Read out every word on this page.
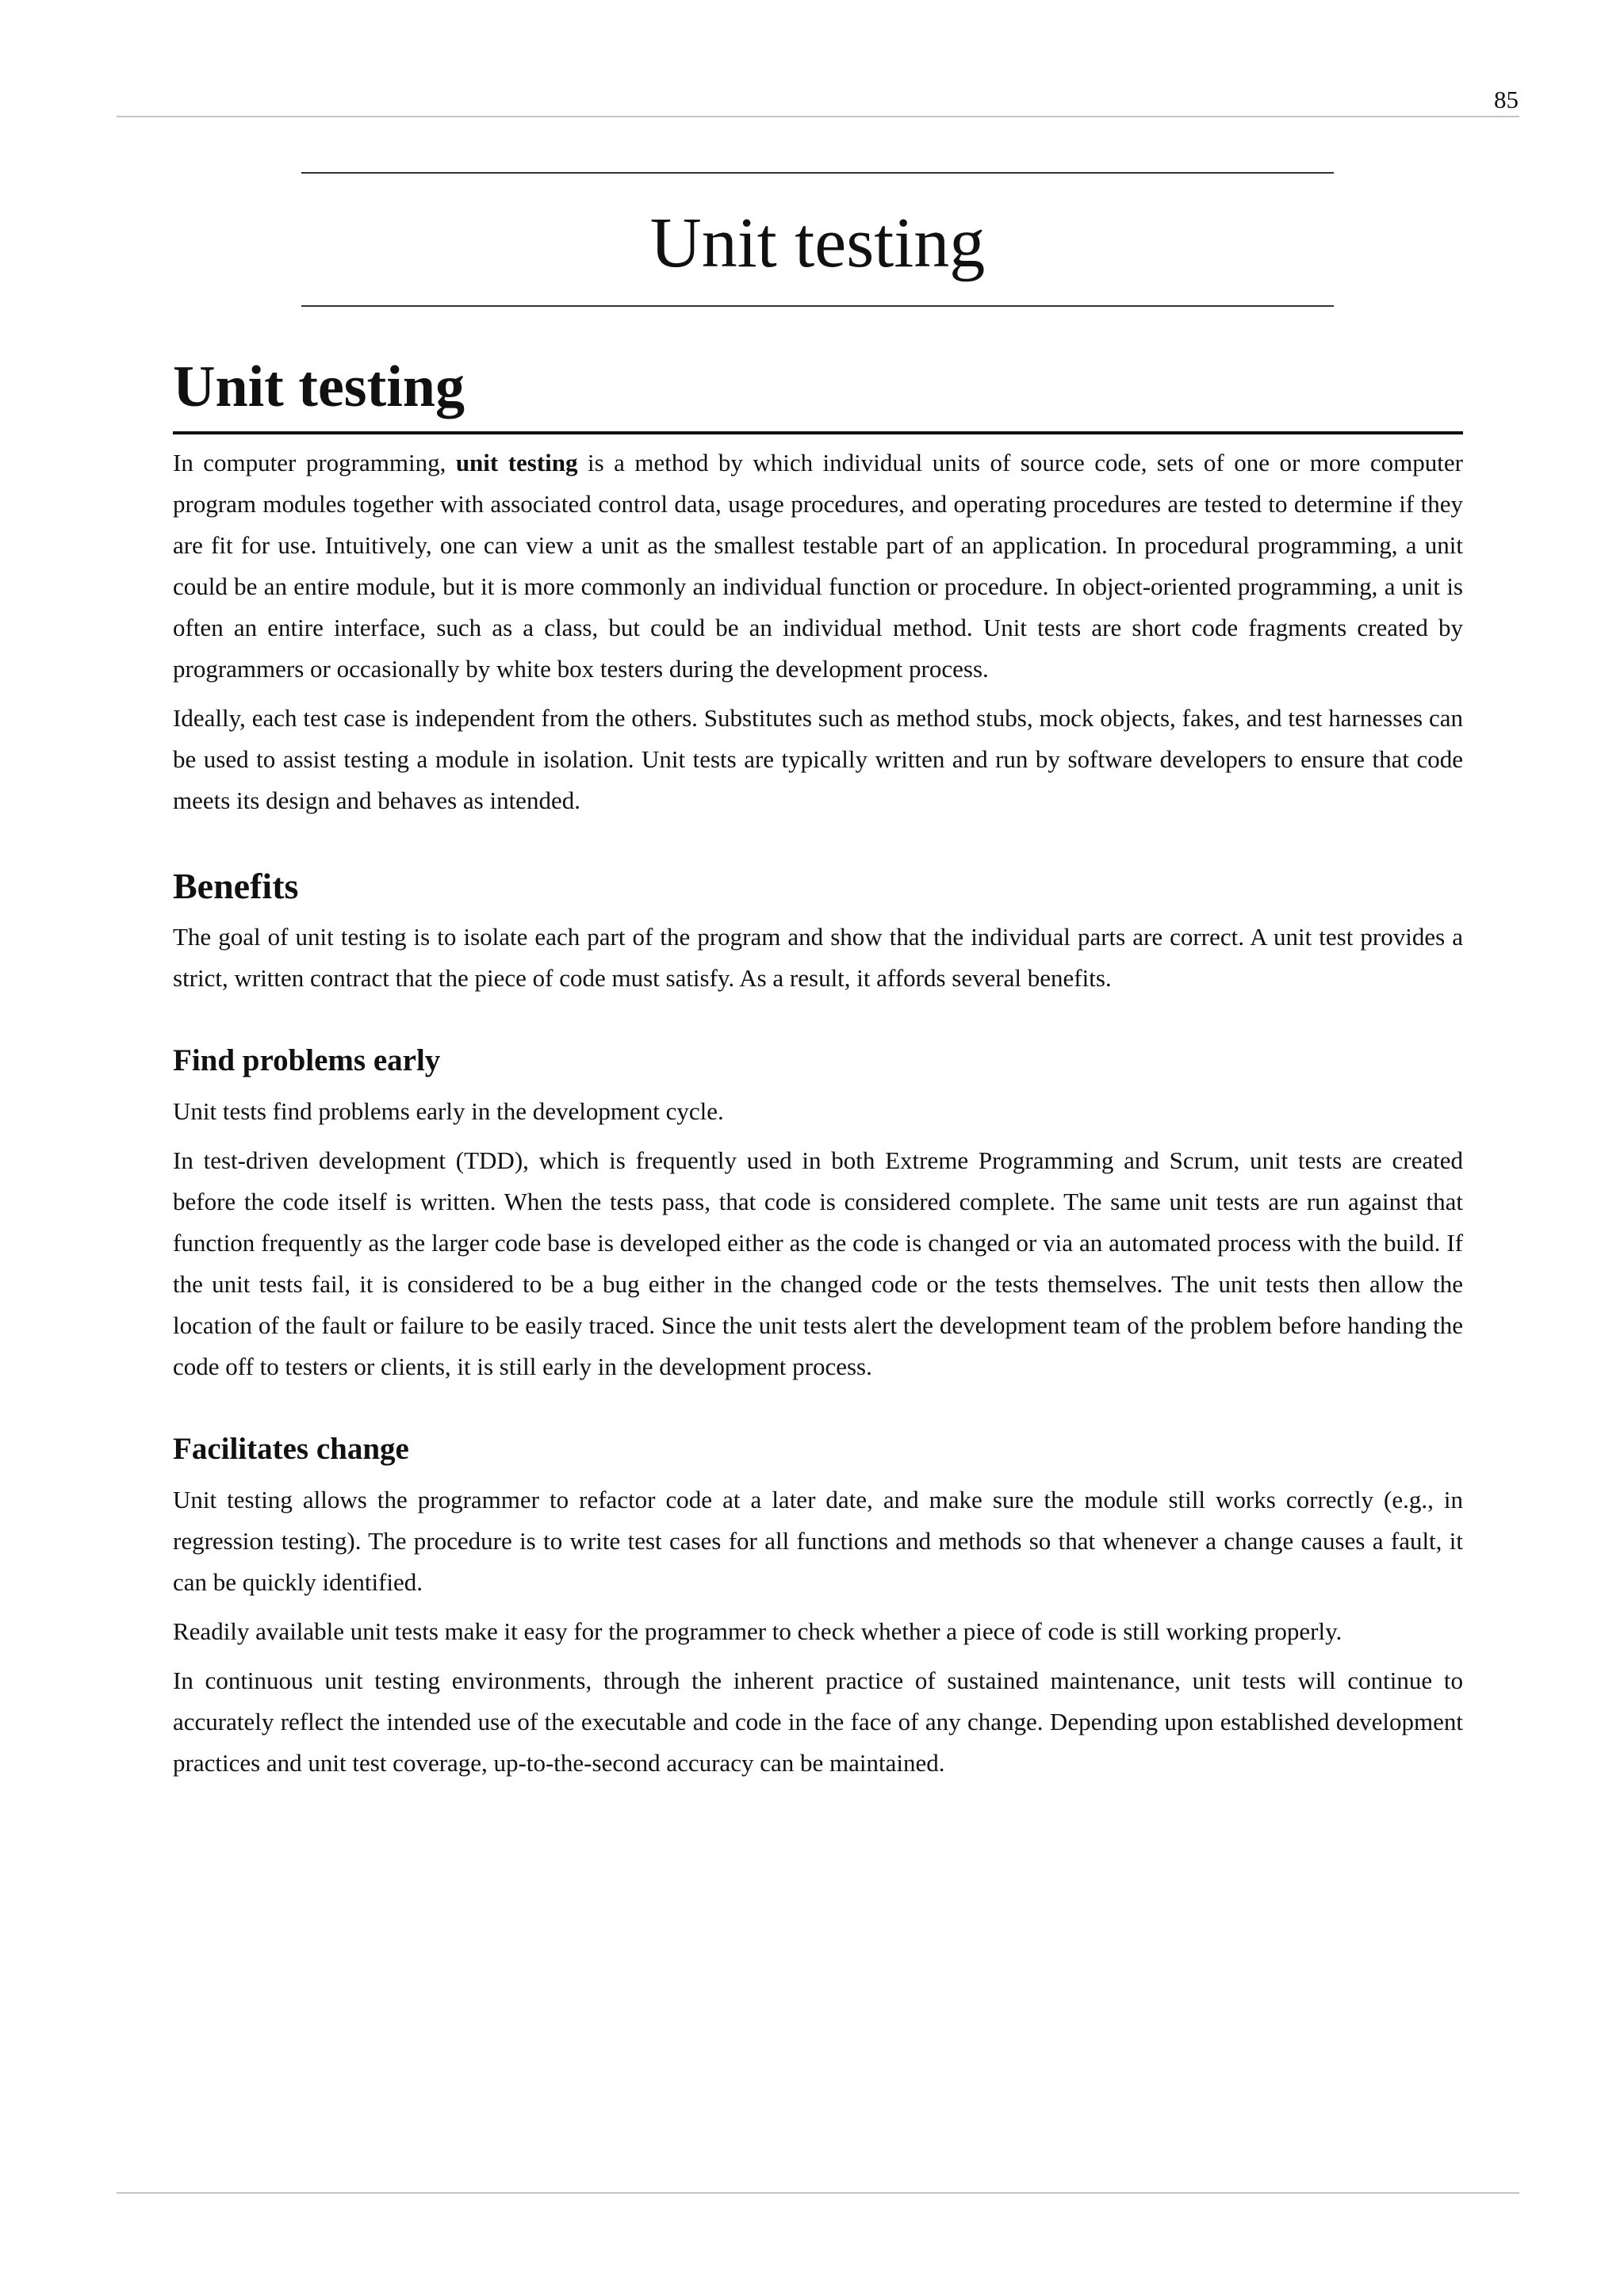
85
Unit testing
Unit testing

In computer programming, unit testing is a method by which individual units of source code, sets of one or more computer program modules together with associated control data, usage procedures, and operating procedures are tested to determine if they are fit for use. Intuitively, one can view a unit as the smallest testable part of an application. In procedural programming, a unit could be an entire module, but it is more commonly an individual function or procedure. In object-oriented programming, a unit is often an entire interface, such as a class, but could be an individual method. Unit tests are short code fragments created by programmers or occasionally by white box testers during the development process.

Ideally, each test case is independent from the others. Substitutes such as method stubs, mock objects, fakes, and test harnesses can be used to assist testing a module in isolation. Unit tests are typically written and run by software developers to ensure that code meets its design and behaves as intended.

Benefits

The goal of unit testing is to isolate each part of the program and show that the individual parts are correct. A unit test provides a strict, written contract that the piece of code must satisfy. As a result, it affords several benefits.

Find problems early

Unit tests find problems early in the development cycle.

In test-driven development (TDD), which is frequently used in both Extreme Programming and Scrum, unit tests are created before the code itself is written. When the tests pass, that code is considered complete. The same unit tests are run against that function frequently as the larger code base is developed either as the code is changed or via an automated process with the build. If the unit tests fail, it is considered to be a bug either in the changed code or the tests themselves. The unit tests then allow the location of the fault or failure to be easily traced. Since the unit tests alert the development team of the problem before handing the code off to testers or clients, it is still early in the development process.

Facilitates change

Unit testing allows the programmer to refactor code at a later date, and make sure the module still works correctly (e.g., in regression testing). The procedure is to write test cases for all functions and methods so that whenever a change causes a fault, it can be quickly identified.

Readily available unit tests make it easy for the programmer to check whether a piece of code is still working properly.

In continuous unit testing environments, through the inherent practice of sustained maintenance, unit tests will continue to accurately reflect the intended use of the executable and code in the face of any change. Depending upon established development practices and unit test coverage, up-to-the-second accuracy can be maintained.
